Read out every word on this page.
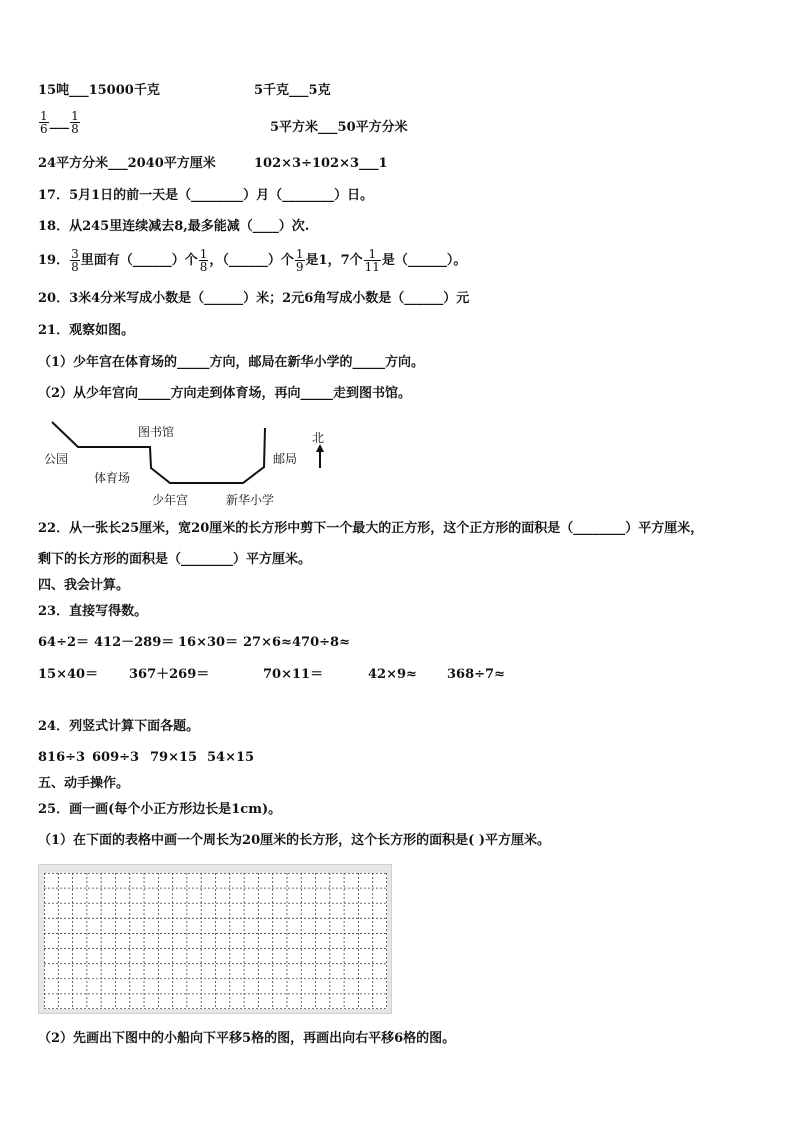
15吨___15000千克	5千克___5克
$\frac{1}{6}$ ___ $\frac{1}{8}$	5平方米___50平方分米
24平方分米___2040平方厘米	102×3÷102×3___1
17．5月1日的前一天是（________）月（________）日。
18．从245里连续减去8,最多能减（____）次.
19． $\frac{3}{8}$ 里面有（______）个 $\frac{1}{8}$ ，（______）个 $\frac{1}{9}$ 是1，7个 $\frac{1}{11}$ 是（______）。
20．3米4分米写成小数是（______）米；2元6角写成小数是（______）元
21．观察如图。
（1）少年宫在体育场的_____方向，邮局在新华小学的_____方向。
（2）从少年宫向_____方向走到体育场，再向_____走到图书馆。
公园
图书馆
体育场
少年宫	新华小学
邮局
北
22．从一张长25厘米，宽20厘米的长方形中剪下一个最大的正方形，这个正方形的面积是（________）平方厘米，
剩下的长方形的面积是（________）平方厘米。
四、我会计算。
23．直接写得数。
64÷2＝ 412－289＝ 16×30＝ 27×6≈ 470÷8≈
15×40＝ 367＋269＝	70×11＝	42×9≈ 368÷7≈
24．列竖式计算下面各题。
816÷3 609÷3 79×15 54×15
五、动手操作。
25．画一画(每个小正方形边长是1cm)。
（1）在下面的表格中画一个周长为20厘米的长方形，这个长方形的面积是( )平方厘米。
（2）先画出下图中的小船向下平移5格的图，再画出向右平移6格的图。
